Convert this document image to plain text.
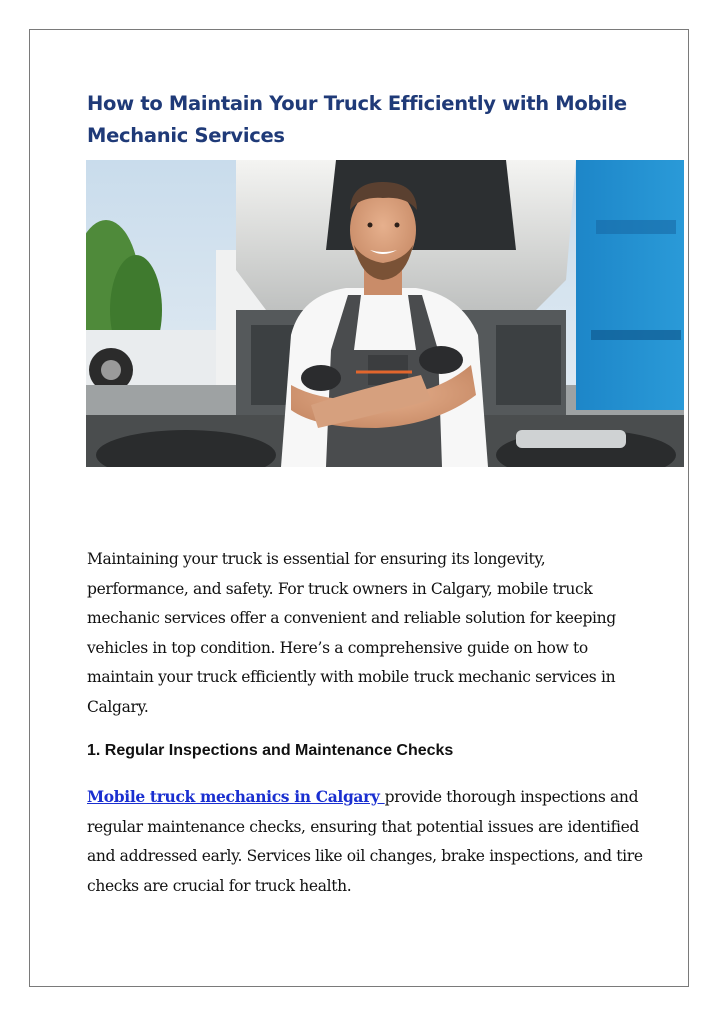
How to Maintain Your Truck Efficiently with Mobile Mechanic Services

Maintaining your truck is essential for ensuring its longevity, performance, and safety. For truck owners in Calgary, mobile truck mechanic services offer a convenient and reliable solution for keeping vehicles in top condition. Here’s a comprehensive guide on how to maintain your truck efficiently with mobile truck mechanic services in Calgary.

1. Regular Inspections and Maintenance Checks

Mobile truck mechanics in Calgary provide thorough inspections and regular maintenance checks, ensuring that potential issues are identified and addressed early. Services like oil changes, brake inspections, and tire checks are crucial for truck health.
